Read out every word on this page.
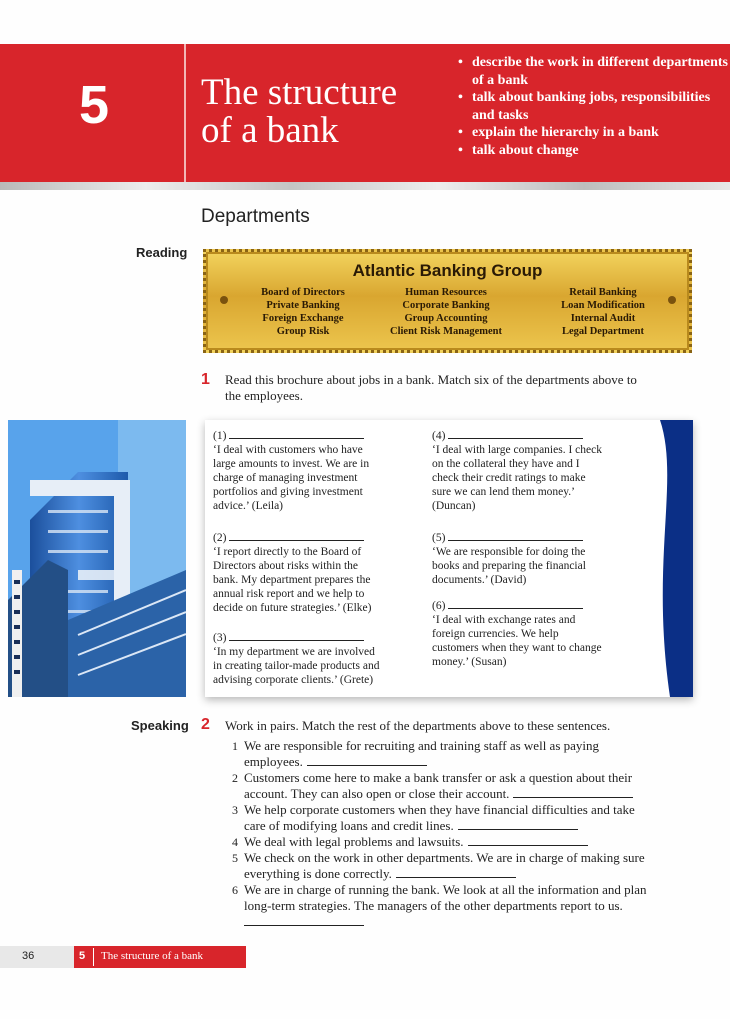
5 The structure
of a bank
• describe the work in different departments of a bank
• talk about banking jobs, responsibilities and tasks
• explain the hierarchy in a bank
• talk about change
Departments
Reading
Atlantic Banking Group
Board of Directors
Private Banking
Foreign Exchange
Group Risk
Human Resources
Corporate Banking
Group Accounting
Client Risk Management
Retail Banking
Loan Modification
Internal Audit
Legal Department
1 Read this brochure about jobs in a bank. Match six of the departments above to
the employees.
(1)
‘I deal with customers who have
large amounts to invest. We are in
charge of managing investment
portfolios and giving investment
advice.’ (Leila)
(2)
‘I report directly to the Board of
Directors about risks within the
bank. My department prepares the
annual risk report and we help to
decide on future strategies.’ (Elke)
(3)
‘In my department we are involved
in creating tailor-made products and
advising corporate clients.’ (Grete)
(4)
‘I deal with large companies. I check
on the collateral they have and I
check their credit ratings to make
sure we can lend them money.’
(Duncan)
(5)
‘We are responsible for doing the
books and preparing the financial
documents.’ (David)
(6)
‘I deal with exchange rates and
foreign currencies. We help
customers when they want to change
money.’ (Susan)
Speaking 2 Work in pairs. Match the rest of the departments above to these sentences.
1 We are responsible for recruiting and training staff as well as paying
employees.
2 Customers come here to make a bank transfer or ask a question about their
account. They can also open or close their account.
3 We help corporate customers when they have financial difficulties and take
care of modifying loans and credit lines.
4 We deal with legal problems and lawsuits.
5 We check on the work in other departments. We are in charge of making sure
everything is done correctly.
6 We are in charge of running the bank. We look at all the information and plan
long-term strategies. The managers of the other departments report to us.
36	5 The structure of a bank
